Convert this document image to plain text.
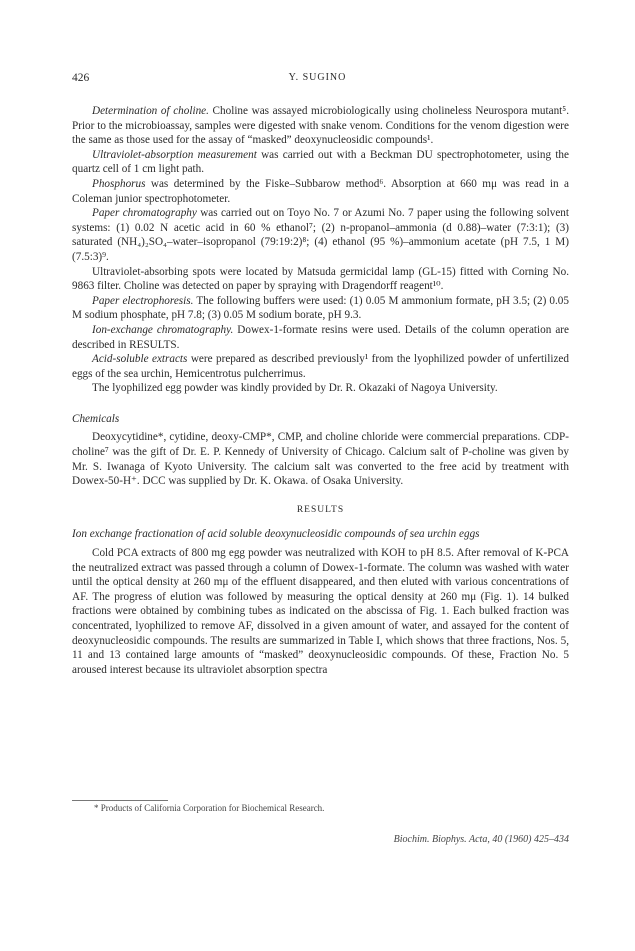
426	Y. SUGINO

Determination of choline. Choline was assayed microbiologically using cholineless Neurospora mutant⁵. Prior to the microbioassay, samples were digested with snake venom. Conditions for the venom digestion were the same as those used for the assay of “masked” deoxynucleosidic compounds¹.

Ultraviolet-absorption measurement was carried out with a Beckman DU spectrophotometer, using the quartz cell of 1 cm light path.

Phosphorus was determined by the Fiske–Subbarow method⁶. Absorption at 660 mμ was read in a Coleman junior spectrophotometer.

Paper chromatography was carried out on Toyo No. 7 or Azumi No. 7 paper using the following solvent systems: (1) 0.02 N acetic acid in 60 % ethanol⁷; (2) n-propanol–ammonia (d 0.88)–water (7:3:1); (3) saturated (NH₄)₂SO₄–water–isopropanol (79:19:2)⁸; (4) ethanol (95 %)–ammonium acetate (pH 7.5, 1 M) (7.5:3)⁹.

Ultraviolet-absorbing spots were located by Matsuda germicidal lamp (GL-15) fitted with Corning No. 9863 filter. Choline was detected on paper by spraying with Dragendorff reagent¹⁰.

Paper electrophoresis. The following buffers were used: (1) 0.05 M ammonium formate, pH 3.5; (2) 0.05 M sodium phosphate, pH 7.8; (3) 0.05 M sodium borate, pH 9.3.

Ion-exchange chromatography. Dowex-1-formate resins were used. Details of the column operation are described in RESULTS.

Acid-soluble extracts were prepared as described previously¹ from the lyophilized powder of unfertilized eggs of the sea urchin, Hemicentrotus pulcherrimus.

The lyophilized egg powder was kindly provided by Dr. R. Okazaki of Nagoya University.

Chemicals

Deoxycytidine*, cytidine, deoxy-CMP*, CMP, and choline chloride were commercial preparations. CDP-choline⁷ was the gift of Dr. E. P. Kennedy of University of Chicago. Calcium salt of P-choline was given by Mr. S. Iwanaga of Kyoto University. The calcium salt was converted to the free acid by treatment with Dowex-50-H⁺. DCC was supplied by Dr. K. Okawa. of Osaka University.

RESULTS

Ion exchange fractionation of acid soluble deoxynucleosidic compounds of sea urchin eggs

Cold PCA extracts of 800 mg egg powder was neutralized with KOH to pH 8.5. After removal of K-PCA the neutralized extract was passed through a column of Dowex-1-formate. The column was washed with water until the optical density at 260 mμ of the effluent disappeared, and then eluted with various concentrations of AF. The progress of elution was followed by measuring the optical density at 260 mμ (Fig. 1). 14 bulked fractions were obtained by combining tubes as indicated on the abscissa of Fig. 1. Each bulked fraction was concentrated, lyophilized to remove AF, dissolved in a given amount of water, and assayed for the content of deoxynucleosidic compounds. The results are summarized in Table I, which shows that three fractions, Nos. 5, 11 and 13 contained large amounts of “masked” deoxynucleosidic compounds. Of these, Fraction No. 5 aroused interest because its ultraviolet absorption spectra

* Products of California Corporation for Biochemical Research.
Biochim. Biophys. Acta, 40 (1960) 425–434
